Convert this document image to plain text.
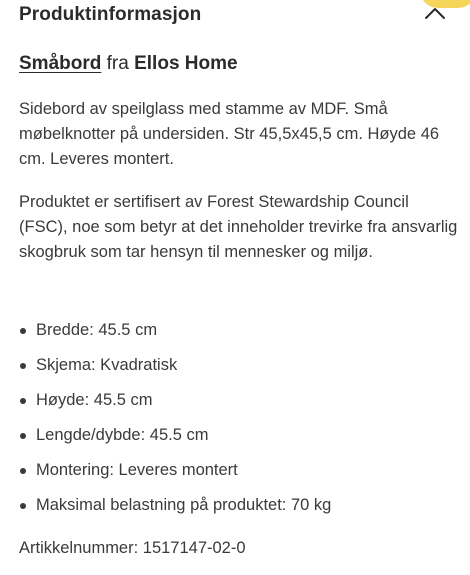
Produktinformasjon
Småbord fra Ellos Home

Sidebord av speilglass med stamme av MDF. Små møbelknotter på undersiden. Str 45,5x45,5 cm. Høyde 46 cm. Leveres montert.

Produktet er sertifisert av Forest Stewardship Council (FSC), noe som betyr at det inneholder trevirke fra ansvarlig skogbruk som tar hensyn til mennesker og miljø.

Bredde: 45.5 cm
Skjema: Kvadratisk
Høyde: 45.5 cm
Lengde/dybde: 45.5 cm
Montering: Leveres montert
Maksimal belastning på produktet: 70 kg
Artikkelnummer: 1517147-02-0
